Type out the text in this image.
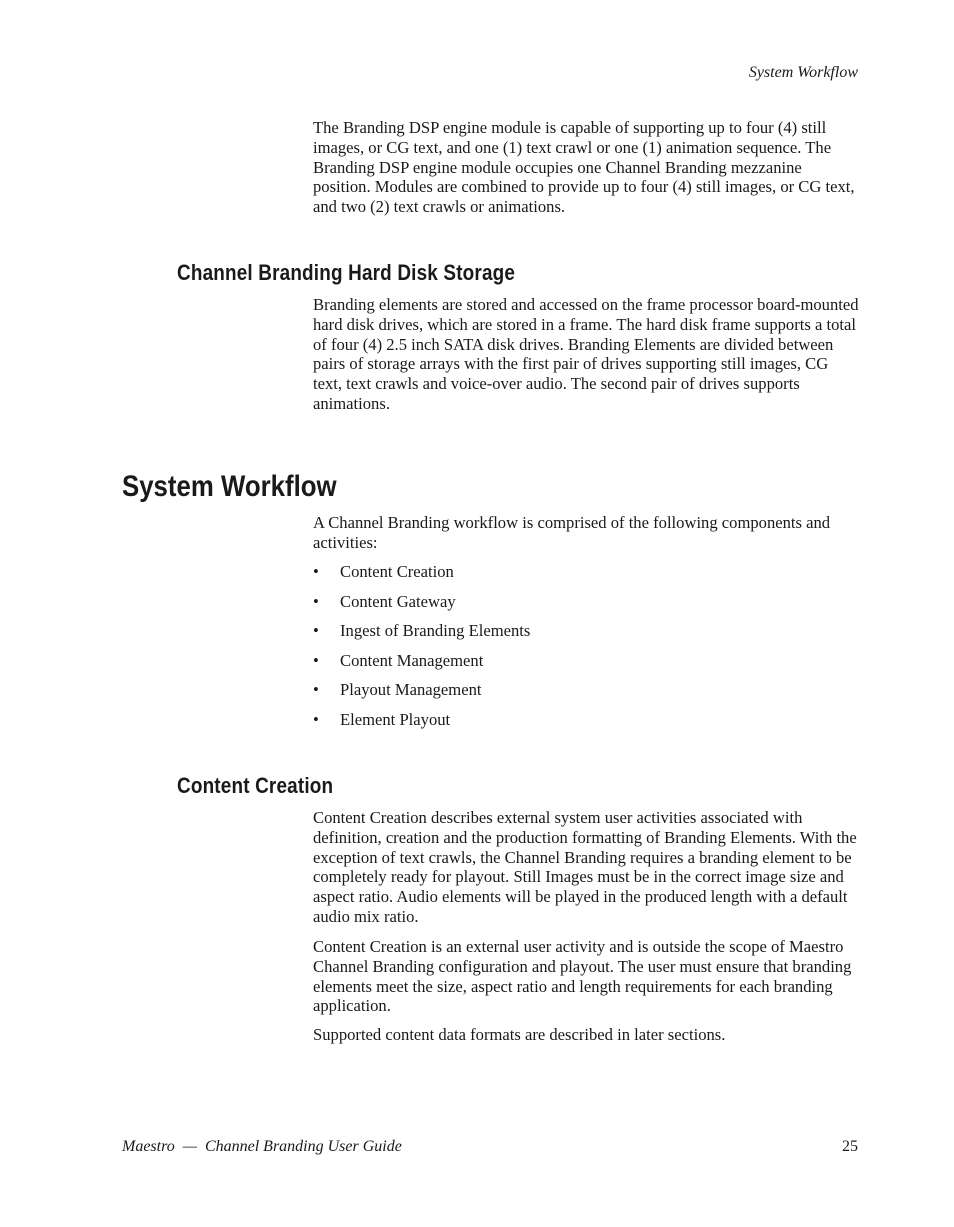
System Workflow

The Branding DSP engine module is capable of supporting up to four (4) still images, or CG text, and one (1) text crawl or one (1) animation sequence. The Branding DSP engine module occupies one Channel Branding mezzanine position. Modules are combined to provide up to four (4) still images, or CG text, and two (2) text crawls or animations.

Channel Branding Hard Disk Storage

Branding elements are stored and accessed on the frame processor board-mounted hard disk drives, which are stored in a frame. The hard disk frame supports a total of four (4) 2.5 inch SATA disk drives. Branding Elements are divided between pairs of storage arrays with the first pair of drives supporting still images, CG text, text crawls and voice-over audio. The second pair of drives supports animations.

System Workflow

A Channel Branding workflow is comprised of the following components and activities:

• Content Creation
• Content Gateway
• Ingest of Branding Elements
• Content Management
• Playout Management
• Element Playout
Content Creation

Content Creation describes external system user activities associated with definition, creation and the production formatting of Branding Elements. With the exception of text crawls, the Channel Branding requires a branding element to be completely ready for playout. Still Images must be in the correct image size and aspect ratio. Audio elements will be played in the produced length with a default audio mix ratio.

Content Creation is an external user activity and is outside the scope of Maestro Channel Branding configuration and playout. The user must ensure that branding elements meet the size, aspect ratio and length requirements for each branding application.

Supported content data formats are described in later sections.

Maestro  —  Channel Branding User Guide	25
